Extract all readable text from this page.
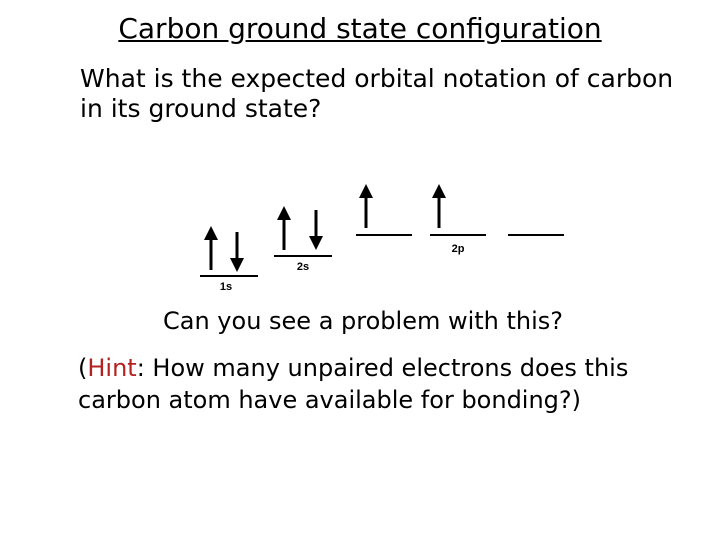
Carbon ground state configuration
What is the expected orbital notation of carbon in its ground state?
1s
2s
2p
Can you see a problem with this?
(Hint: How many unpaired electrons does this carbon atom have available for bonding?)
